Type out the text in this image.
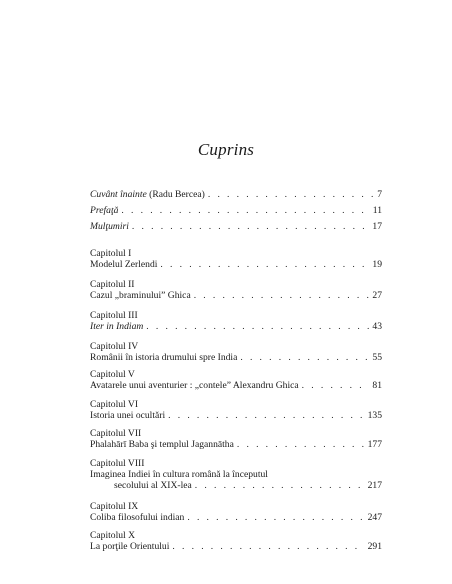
Cuprins
Cuvânt înainte (Radu Bercea) . . .	7
Prefaţă . . .	11
Mulţumiri . . .	17
Capitolul I
Modelul Zerlendi . . .	19
Capitolul II
Cazul „braminului” Ghica . . .	27
Capitolul III
Iter in Indiam . . .	43
Capitolul IV
Românii în istoria drumului spre India . . .	55
Capitolul V
Avatarele unui aventurier : „contele” Alexandru Ghica . . .	81
Capitolul VI
Istoria unei ocultări . . .	135
Capitolul VII
Phalahārī Baba şi templul Jagannātha . . .	177
Capitolul VIII
Imaginea Indiei în cultura română la începutul
secolului al XIX-lea . . .	217
Capitolul IX
Coliba filosofului indian . . .	247
Capitolul X
La porţile Orientului . . .	291
